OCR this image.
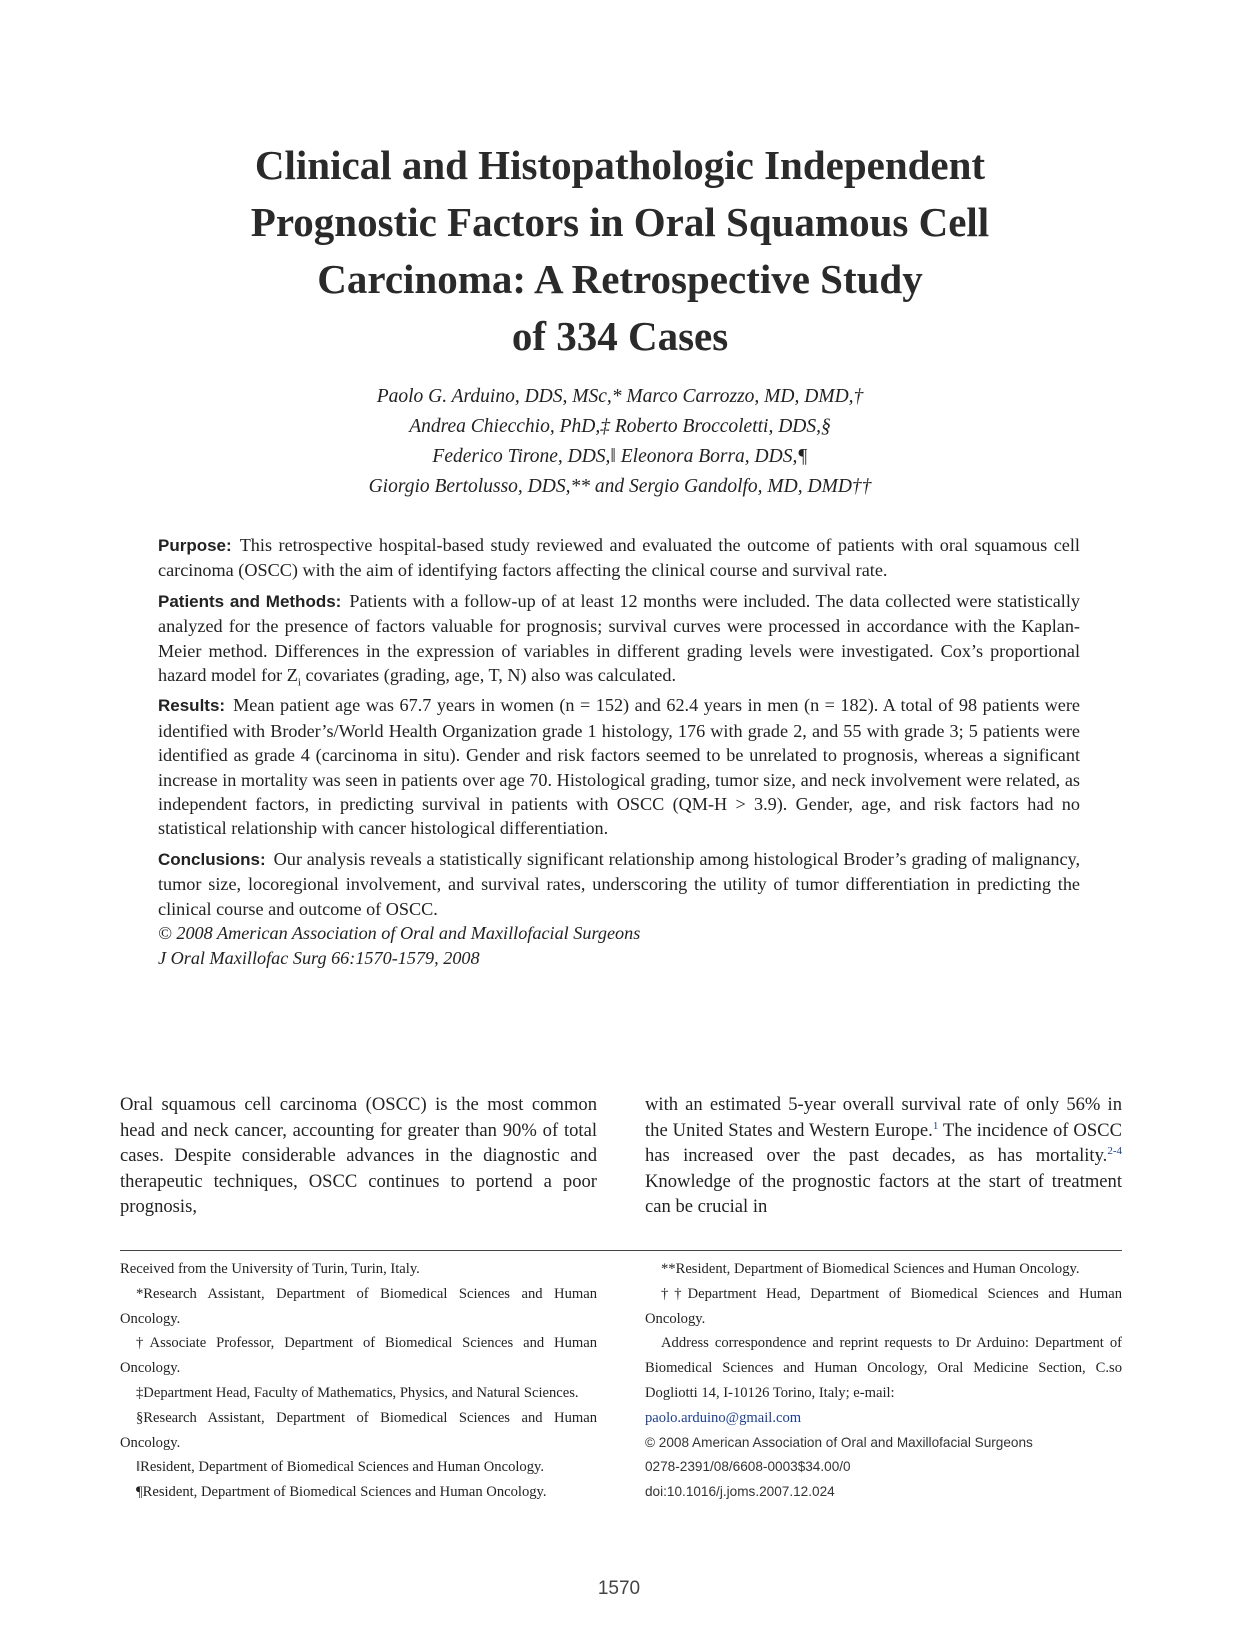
Clinical and Histopathologic Independent
Prognostic Factors in Oral Squamous Cell
Carcinoma: A Retrospective Study
of 334 Cases
Paolo G. Arduino, DDS, MSc,* Marco Carrozzo, MD, DMD,†
Andrea Chiecchio, PhD,‡ Roberto Broccoletti, DDS,§
Federico Tirone, DDS,‖ Eleonora Borra, DDS,¶
Giorgio Bertolusso, DDS,** and Sergio Gandolfo, MD, DMD††

Purpose: This retrospective hospital-based study reviewed and evaluated the outcome of patients with oral squamous cell carcinoma (OSCC) with the aim of identifying factors affecting the clinical course and survival rate.

Patients and Methods: Patients with a follow-up of at least 12 months were included. The data collected were statistically analyzed for the presence of factors valuable for prognosis; survival curves were processed in accordance with the Kaplan-Meier method. Differences in the expression of variables in different grading levels were investigated. Cox’s proportional hazard model for $Z_i$ covariates (grading, age, T, N) also was calculated.

Results: Mean patient age was 67.7 years in women (n = 152) and 62.4 years in men (n = 182). A total of 98 patients were identified with Broder’s/World Health Organization grade 1 histology, 176 with grade 2, and 55 with grade 3; 5 patients were identified as grade 4 (carcinoma in situ). Gender and risk factors seemed to be unrelated to prognosis, whereas a significant increase in mortality was seen in patients over age 70. Histological grading, tumor size, and neck involvement were related, as independent factors, in predicting survival in patients with OSCC (QM-H > 3.9). Gender, age, and risk factors had no statistical relationship with cancer histological differentiation.

Conclusions: Our analysis reveals a statistically significant relationship among histological Broder’s grading of malignancy, tumor size, locoregional involvement, and survival rates, underscoring the utility of tumor differentiation in predicting the clinical course and outcome of OSCC.

© 2008 American Association of Oral and Maxillofacial Surgeons

J Oral Maxillofac Surg 66:1570-1579, 2008

Oral squamous cell carcinoma (OSCC) is the most common head and neck cancer, accounting for greater than 90% of total cases. Despite considerable advances in the diagnostic and therapeutic techniques, OSCC continues to portend a poor prognosis,

with an estimated 5-year overall survival rate of only 56% in the United States and Western Europe.$^1$ The incidence of OSCC has increased over the past decades, as has mortality.$^{2-4}$ Knowledge of the prognostic factors at the start of treatment can be crucial in

Received from the University of Turin, Turin, Italy.

*Research Assistant, Department of Biomedical Sciences and Human Oncology.

†Associate Professor, Department of Biomedical Sciences and Human Oncology.

‡Department Head, Faculty of Mathematics, Physics, and Natural Sciences.

§Research Assistant, Department of Biomedical Sciences and Human Oncology.

‖Resident, Department of Biomedical Sciences and Human Oncology.

¶Resident, Department of Biomedical Sciences and Human Oncology.

**Resident, Department of Biomedical Sciences and Human Oncology.

††Department Head, Department of Biomedical Sciences and Human Oncology.

Address correspondence and reprint requests to Dr Arduino: Department of Biomedical Sciences and Human Oncology, Oral Medicine Section, C.so Dogliotti 14, I-10126 Torino, Italy; e-mail:

paolo.arduino@gmail.com

© 2008 American Association of Oral and Maxillofacial Surgeons

0278-2391/08/6608-0003$34.00/0

doi:10.1016/j.joms.2007.12.024

1570
